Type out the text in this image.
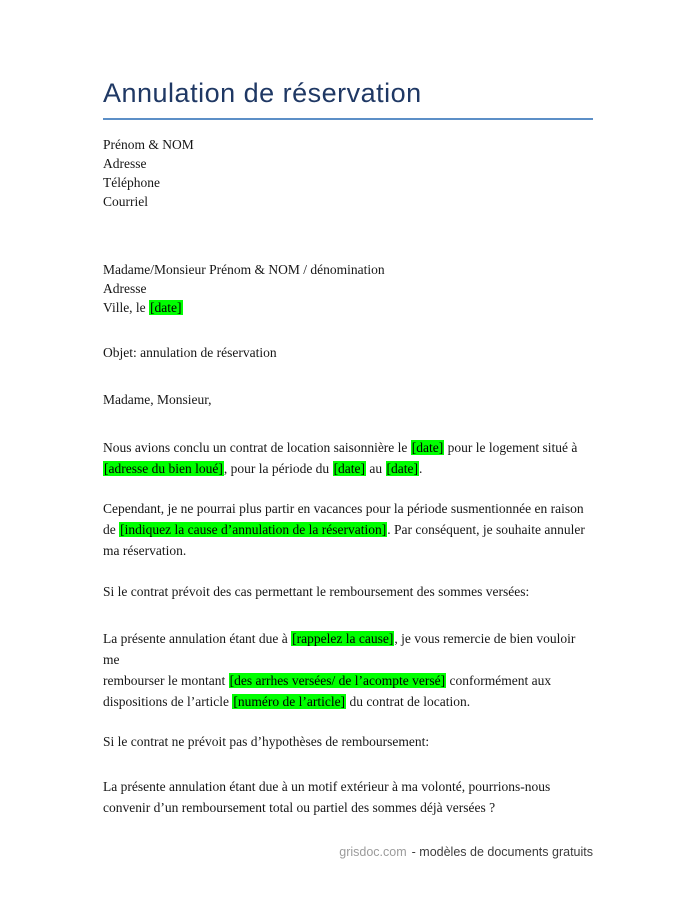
Annulation de réservation
Prénom & NOM
Adresse
Téléphone
Courriel
Madame/Monsieur Prénom & NOM / dénomination
Adresse
Ville, le [date]
Objet: annulation de réservation
Madame, Monsieur,
Nous avions conclu un contrat de location saisonnière le [date] pour le logement situé à
[adresse du bien loué], pour la période du [date] au [date].
Cependant, je ne pourrai plus partir en vacances pour la période susmentionnée en raison
de [indiquez la cause d’annulation de la réservation]. Par conséquent, je souhaite annuler
ma réservation.
Si le contrat prévoit des cas permettant le remboursement des sommes versées:
La présente annulation étant due à [rappelez la cause], je vous remercie de bien vouloir me
rembourser le montant [des arrhes versées/ de l’acompte versé] conformément aux
dispositions de l’article [numéro de l’article] du contrat de location.
Si le contrat ne prévoit pas d’hypothèses de remboursement:
La présente annulation étant due à un motif extérieur à ma volonté, pourrions-nous
convenir d’un remboursement total ou partiel des sommes déjà versées ?
grisdoc.com - modèles de documents gratuits
